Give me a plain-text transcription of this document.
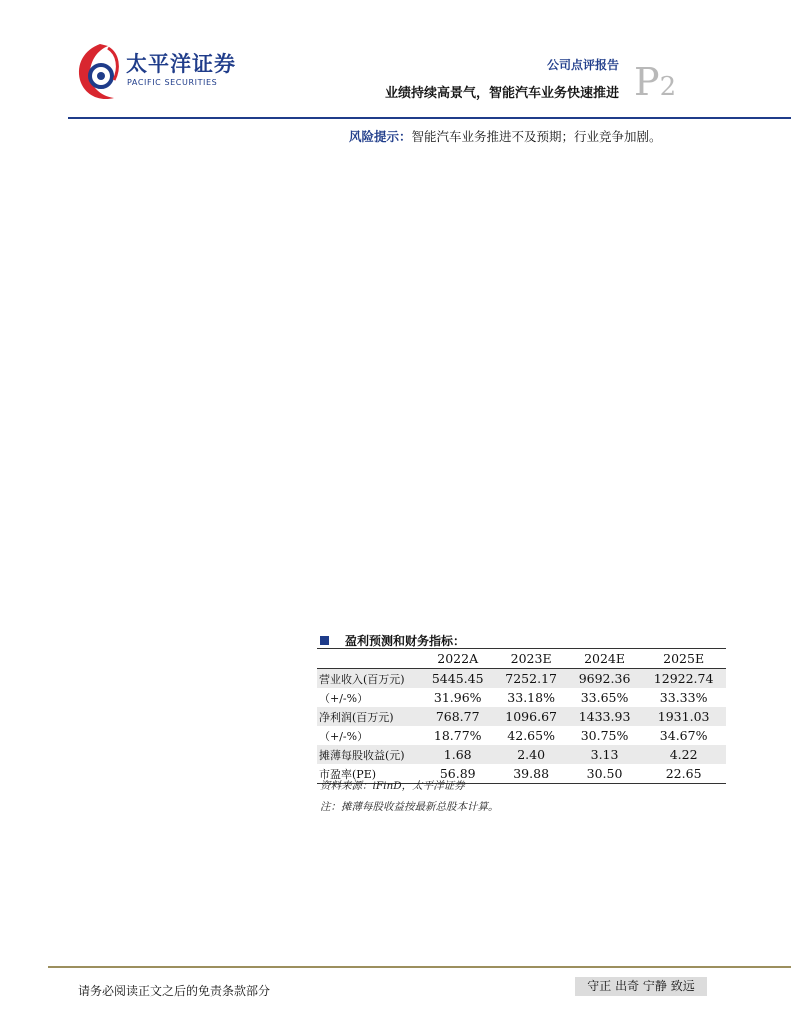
太平洋证券
PACIFIC SECURITIES
公司点评报告
业绩持续高景气，智能汽车业务快速推进 P2
风险提示：智能汽车业务推进不及预期；行业竞争加剧。
盈利预测和财务指标：
	2022A	2023E	2024E	2025E
营业收入(百万元)	5445.45	7252.17	9692.36	12922.74
（+/-%）	31.96%	33.18%	33.65%	33.33%
净利润(百万元)	768.77	1096.67	1433.93	1931.03
（+/-%）	18.77%	42.65%	30.75%	34.67%
摊薄每股收益(元)	1.68	2.40	3.13	4.22
市盈率(PE)	56.89	39.88	30.50	22.65
资料来源：iFinD，太平洋证券
注：摊薄每股收益按最新总股本计算。
请务必阅读正文之后的免责条款部分	守正 出奇 宁静 致远
